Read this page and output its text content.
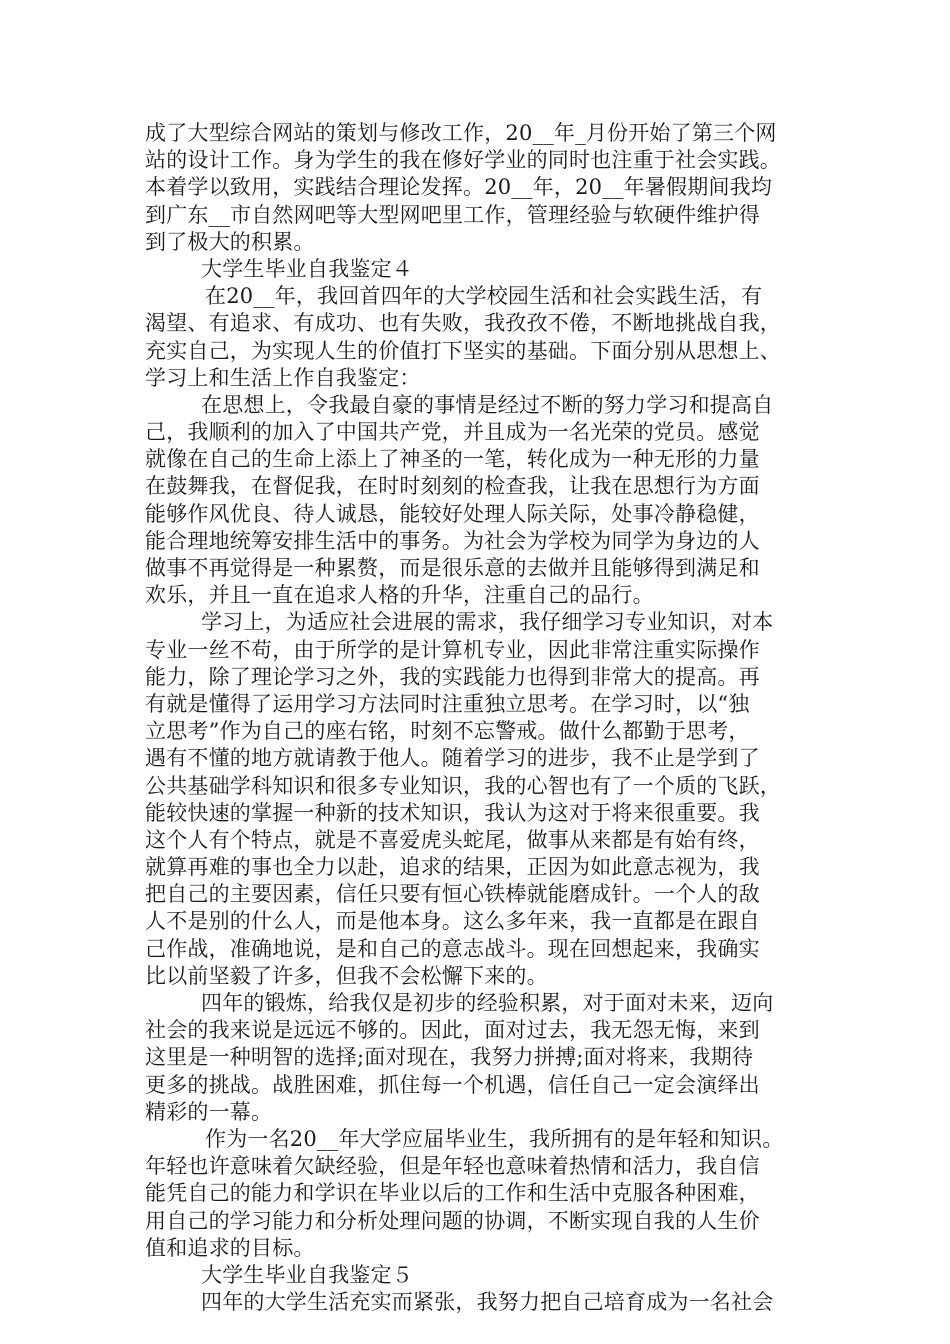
成了大型综合网站的策划与修改工作，20__年_月份开始了第三个网
站的设计工作。身为学生的我在修好学业的同时也注重于社会实践。
本着学以致用，实践结合理论发挥。20__年，20__年暑假期间我均
到广东__市自然网吧等大型网吧里工作，管理经验与软硬件维护得
到了极大的积累。
大学生毕业自我鉴定４
在20__年，我回首四年的大学校园生活和社会实践生活，有
渴望、有追求、有成功、也有失败，我孜孜不倦，不断地挑战自我，
充实自己，为实现人生的价值打下坚实的基础。下面分别从思想上、
学习上和生活上作自我鉴定：
在思想上，令我最自豪的事情是经过不断的努力学习和提高自
己，我顺利的加入了中国共产党，并且成为一名光荣的党员。感觉
就像在自己的生命上添上了神圣的一笔，转化成为一种无形的力量
在鼓舞我，在督促我，在时时刻刻的检查我，让我在思想行为方面
能够作风优良、待人诚恳，能较好处理人际关际，处事冷静稳健，
能合理地统筹安排生活中的事务。为社会为学校为同学为身边的人
做事不再觉得是一种累赘，而是很乐意的去做并且能够得到满足和
欢乐，并且一直在追求人格的升华，注重自己的品行。
学习上，为适应社会进展的需求，我仔细学习专业知识，对本
专业一丝不苟，由于所学的是计算机专业，因此非常注重实际操作
能力，除了理论学习之外，我的实践能力也得到非常大的提高。再
有就是懂得了运用学习方法同时注重独立思考。在学习时，以“独
立思考”作为自己的座右铭，时刻不忘警戒。做什么都勤于思考，
遇有不懂的地方就请教于他人。随着学习的进步，我不止是学到了
公共基础学科知识和很多专业知识，我的心智也有了一个质的飞跃，
能较快速的掌握一种新的技术知识，我认为这对于将来很重要。我
这个人有个特点，就是不喜爱虎头蛇尾，做事从来都是有始有终，
就算再难的事也全力以赴，追求的结果，正因为如此意志视为，我
把自己的主要因素，信任只要有恒心铁棒就能磨成针。一个人的敌
人不是别的什么人，而是他本身。这么多年来，我一直都是在跟自
己作战，准确地说，是和自己的意志战斗。现在回想起来，我确实
比以前坚毅了许多，但我不会松懈下来的。
四年的锻炼，给我仅是初步的经验积累，对于面对未来，迈向
社会的我来说是远远不够的。因此，面对过去，我无怨无悔，来到
这里是一种明智的选择;面对现在，我努力拼搏;面对将来，我期待
更多的挑战。战胜困难，抓住每一个机遇，信任自己一定会演绎出
精彩的一幕。
作为一名20__年大学应届毕业生，我所拥有的是年轻和知识。
年轻也许意味着欠缺经验，但是年轻也意味着热情和活力，我自信
能凭自己的能力和学识在毕业以后的工作和生活中克服各种困难，
用自己的学习能力和分析处理问题的协调，不断实现自我的人生价
值和追求的目标。
大学生毕业自我鉴定５
四年的大学生活充实而紧张，我努力把自己培育成为一名社会
